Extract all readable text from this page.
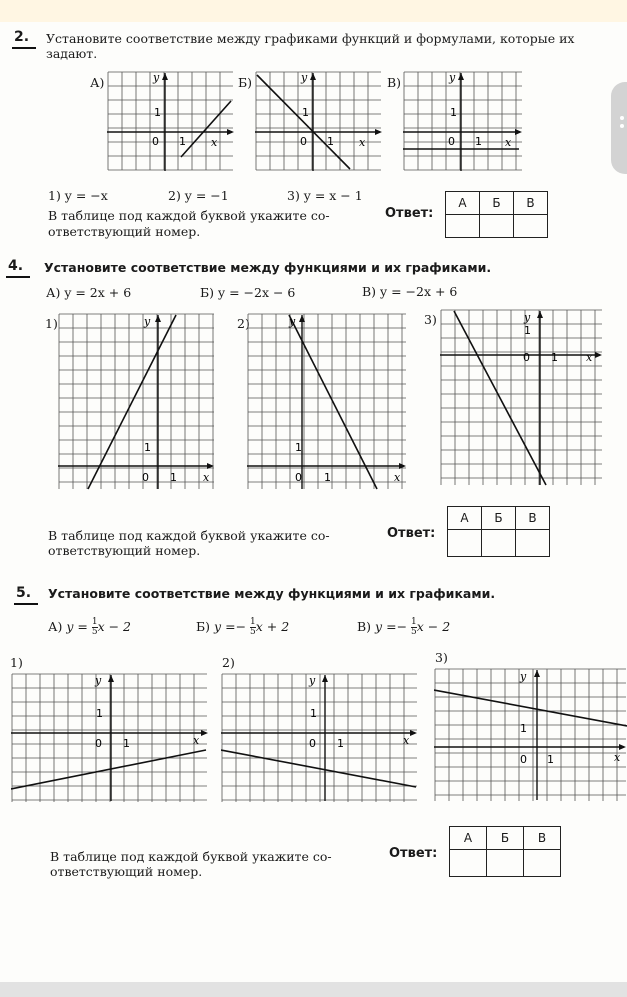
2. Установите соответствие между графиками функций и формулами, которые их
задают.
А)	Б)	В)
y
x
0 1
1
y
x
0 1
1
y
x
0 1
1
1) y = −x	2) y = −1	3) y = x − 1
В таблице под каждой буквой укажите со-
ответствующий номер.
Ответ:
А	Б	В

4. Установите соответствие между функциями и их графиками.
А) y = 2x + 6	Б) y = −2x − 6	В) y = −2x + 6
1)	2)	3)
y
x
0 1
1
y
x
0 1
1
y
x
0 1
1
В таблице под каждой буквой укажите со-
ответствующий номер.
Ответ:
А	Б	В

5. Установите соответствие между функциями и их графиками.
А) $y = \frac{1}{5}$ x − 2	Б) $y =- \frac{1}{5}$ x + 2	В) $y =- \frac{1}{5}$ x − 2
1)	2)	3)
y
x
0 1
1
y
x
0 1
1
y
x
0 1
1
В таблице под каждой буквой укажите со-
ответствующий номер.
Ответ:
А	Б	В
